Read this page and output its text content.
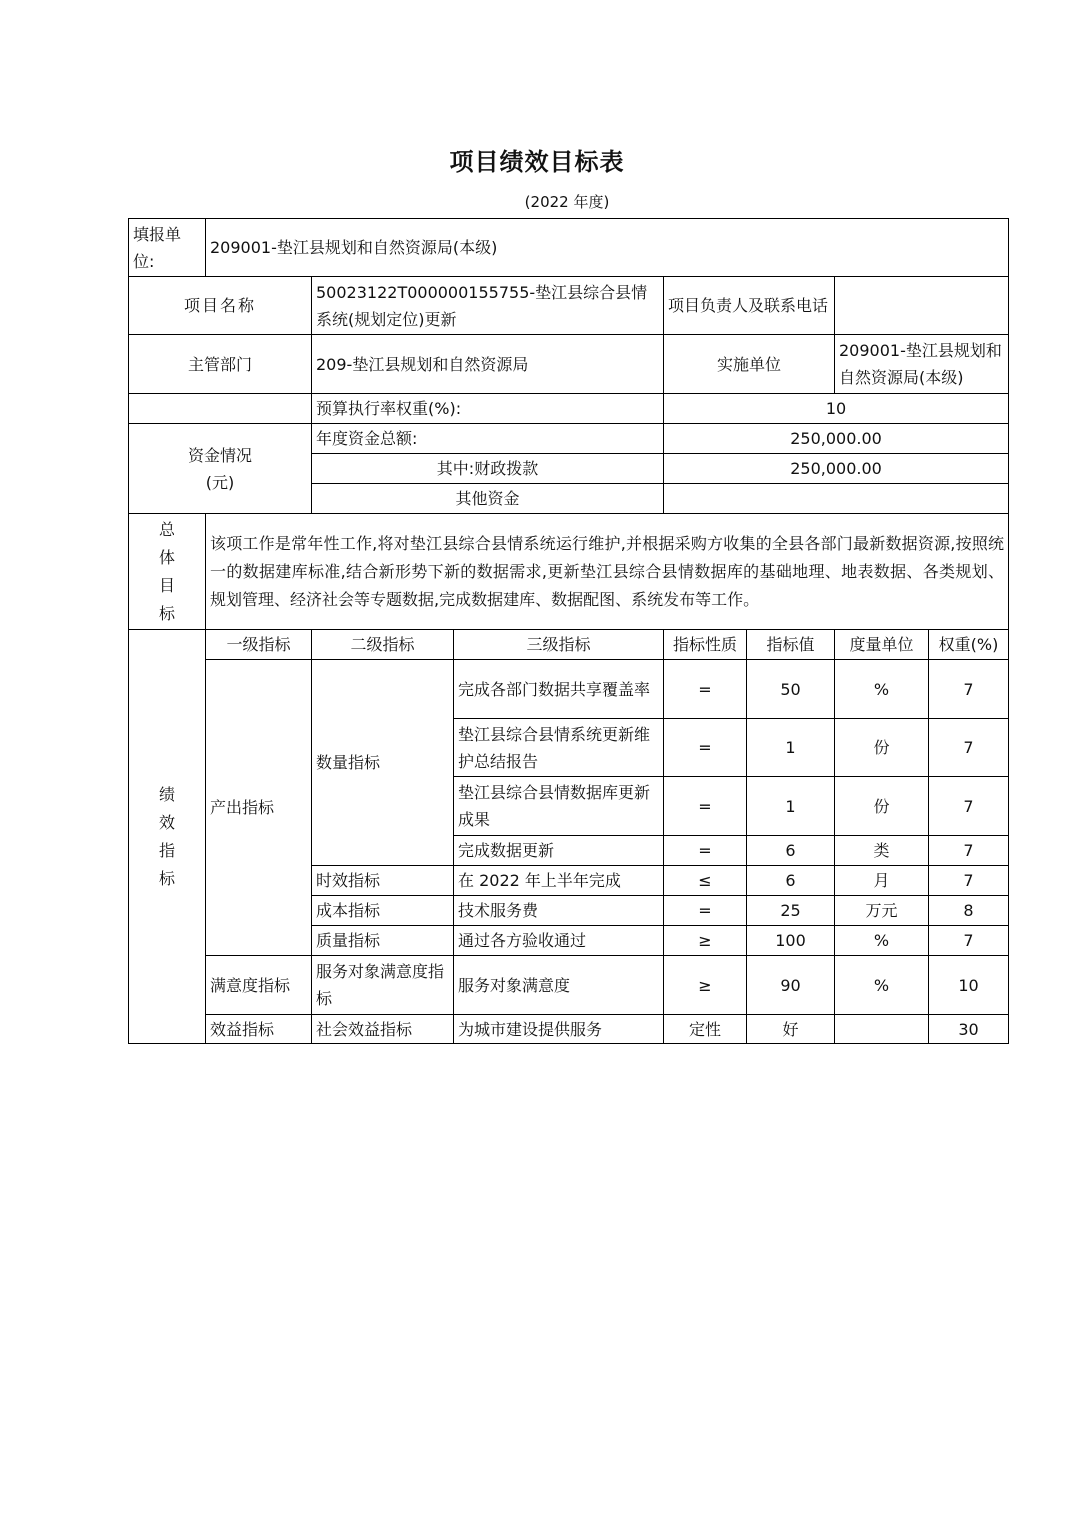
项目绩效目标表
(2022 年度)
填报单位:	209001-垫江县规划和自然资源局(本级)						
项目名称		50023122T000000155755-垫江县综合县情系统(规划定位)更新		项目负责人及联系电话			
主管部门		209-垫江县规划和自然资源局		实施单位		209001-垫江县规划和自然资源局(本级)	
		预算执行率权重(%):		10			
资金情况(元)		年度资金总额:		250,000.00			
		其中:财政拨款		250,000.00			
		其他资金					
总体目标	该项工作是常年性工作,将对垫江县综合县情系统运行维护,并根据采购方收集的全县各部门最新数据资源,按照统一的数据建库标准,结合新形势下新的数据需求,更新垫江县综合县情数据库的基础地理、地表数据、各类规划、规划管理、经济社会等专题数据,完成数据建库、数据配图、系统发布等工作。						
绩效指标	一级指标	二级指标	三级指标	指标性质	指标值	度量单位	权重(%)
	产出指标	数量指标	完成各部门数据共享覆盖率	=	50	%	7
			垫江县综合县情系统更新维护总结报告	=	1	份	7
			垫江县综合县情数据库更新成果	=	1	份	7
			完成数据更新	=	6	类	7
		时效指标	在 2022 年上半年完成	≤	6	月	7
		成本指标	技术服务费	=	25	万元	8
		质量指标	通过各方验收通过	≥	100	%	7
	满意度指标	服务对象满意度指标	服务对象满意度	≥	90	%	10
	效益指标	社会效益指标	为城市建设提供服务	定性	好		30
